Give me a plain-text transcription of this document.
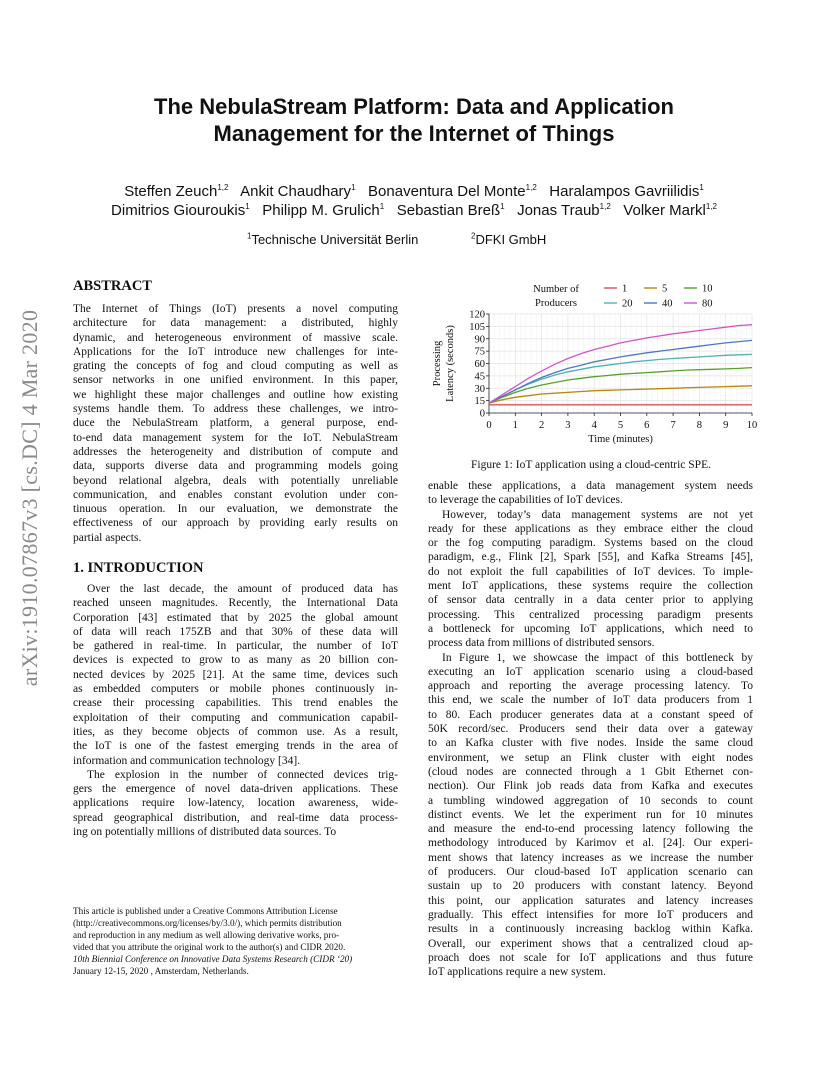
arXiv:1910.07867v3 [cs.DC] 4 Mar 2020
The NebulaStream Platform: Data and Application
Management for the Internet of Things
Steffen Zeuch$^{1,2}$ Ankit Chaudhary$^1$ Bonaventura Del Monte$^{1,2}$ Haralampos Gavriilidis$^1$
Dimitrios Giouroukis$^1$ Philipp M. Grulich$^1$ Sebastian Breß$^1$ Jonas Traub$^{1,2}$ Volker Markl$^{1,2}$
$^1$Technische Universität Berlin	$^2$DFKI GmbH
ABSTRACT

The Internet of Things (IoT) presents a novel computing

architecture for data management: a distributed, highly

dynamic, and heterogeneous environment of massive scale.

Applications for the IoT introduce new challenges for inte-

grating the concepts of fog and cloud computing as well as

sensor networks in one unified environment. In this paper,

we highlight these major challenges and outline how existing

systems handle them. To address these challenges, we intro-

duce the NebulaStream platform, a general purpose, end-

to-end data management system for the IoT. NebulaStream

addresses the heterogeneity and distribution of compute and

data, supports diverse data and programming models going

beyond relational algebra, deals with potentially unreliable

communication, and enables constant evolution under con-

tinuous operation. In our evaluation, we demonstrate the

effectiveness of our approach by providing early results on

partial aspects.

1. INTRODUCTION

Over the last decade, the amount of produced data has

reached unseen magnitudes. Recently, the International Data

Corporation [43] estimated that by 2025 the global amount

of data will reach 175ZB and that 30% of these data will

be gathered in real-time. In particular, the number of IoT

devices is expected to grow to as many as 20 billion con-

nected devices by 2025 [21]. At the same time, devices such

as embedded computers or mobile phones continuously in-

crease their processing capabilities. This trend enables the

exploitation of their computing and communication capabil-

ities, as they become objects of common use. As a result,

the IoT is one of the fastest emerging trends in the area of

information and communication technology [34].

The explosion in the number of connected devices trig-

gers the emergence of novel data-driven applications. These

applications require low-latency, location awareness, wide-

spread geographical distribution, and real-time data process-

ing on potentially millions of distributed data sources. To

This article is published under a Creative Commons Attribution License
(http://creativecommons.org/licenses/by/3.0/), which permits distribution
and reproduction in any medium as well allowing derivative works, pro-
vided that you attribute the original work to the author(s) and CIDR 2020.
10th Biennial Conference on Innovative Data Systems Research (CIDR ‘20)
January 12-15, 2020 , Amsterdam, Netherlands.
0 1 2 3 4 5 6 7 8 9 10
0
15
30
45
60
75
90
105
120
Time (minutes)
Processing Latency (seconds)
Number of
Producers
1	5	10
20	40	80
Figure 1: IoT application using a cloud-centric SPE.

enable these applications, a data management system needs

to leverage the capabilities of IoT devices.

However, today’s data management systems are not yet

ready for these applications as they embrace either the cloud

or the fog computing paradigm. Systems based on the cloud

paradigm, e.g., Flink [2], Spark [55], and Kafka Streams [45],

do not exploit the full capabilities of IoT devices. To imple-

ment IoT applications, these systems require the collection

of sensor data centrally in a data center prior to applying

processing. This centralized processing paradigm presents

a bottleneck for upcoming IoT applications, which need to

process data from millions of distributed sensors.

In Figure 1, we showcase the impact of this bottleneck by

executing an IoT application scenario using a cloud-based

approach and reporting the average processing latency. To

this end, we scale the number of IoT data producers from 1

to 80. Each producer generates data at a constant speed of

50K record/sec. Producers send their data over a gateway

to an Kafka cluster with five nodes. Inside the same cloud

environment, we setup an Flink cluster with eight nodes

(cloud nodes are connected through a 1 Gbit Ethernet con-

nection). Our Flink job reads data from Kafka and executes

a tumbling windowed aggregation of 10 seconds to count

distinct events. We let the experiment run for 10 minutes

and measure the end-to-end processing latency following the

methodology introduced by Karimov et al. [24]. Our experi-

ment shows that latency increases as we increase the number

of producers. Our cloud-based IoT application scenario can

sustain up to 20 producers with constant latency. Beyond

this point, our application saturates and latency increases

gradually. This effect intensifies for more IoT producers and

results in a continuously increasing backlog within Kafka.

Overall, our experiment shows that a centralized cloud ap-

proach does not scale for IoT applications and thus future

IoT applications require a new system.
